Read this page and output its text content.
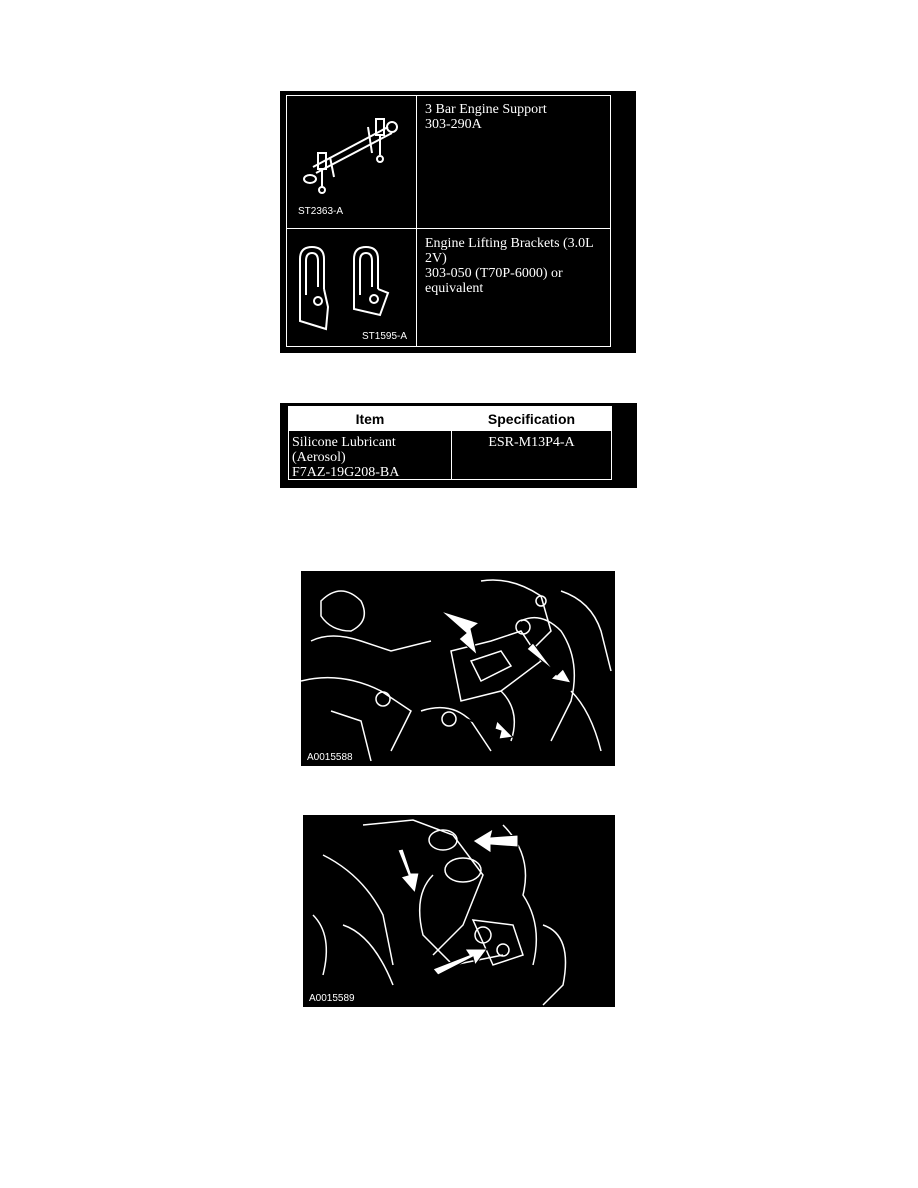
ST2363-A
3 Bar Engine Support
303-290A
ST1595-A
Engine Lifting Brackets (3.0L
2V)
303-050 (T70P-6000) or
equivalent
Item	Specification
Silicone Lubricant
(Aerosol)
F7AZ-19G208-BA
ESR-M13P4-A
A0015588
A0015589
